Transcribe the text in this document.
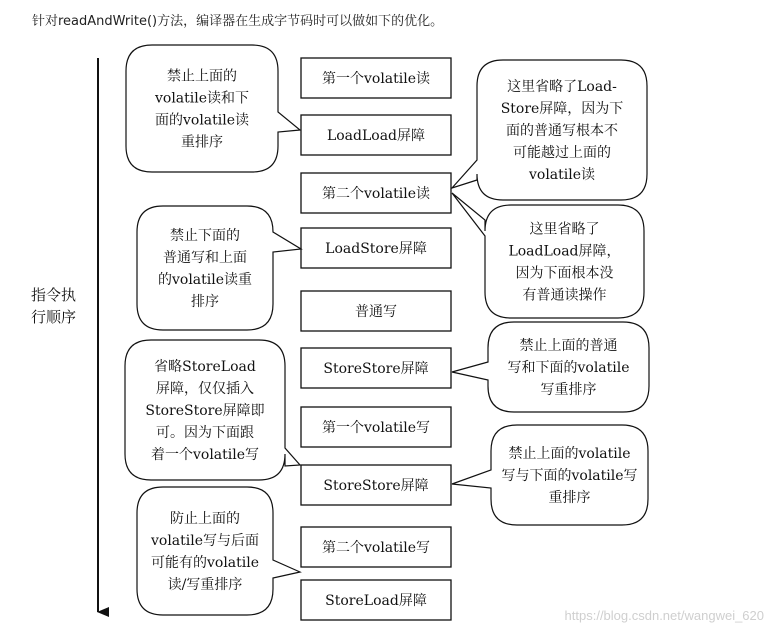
针对readAndWrite()方法，编译器在生成字节码时可以做如下的优化。
指令执
行顺序
第一个volatile读
LoadLoad屏障
第二个volatile读
LoadStore屏障
普通写
StoreStore屏障
第一个volatile写
StoreStore屏障
第二个volatile写
StoreLoad屏障
禁止上面的
volatile读和下
面的volatile读
重排序
禁止下面的
普通写和上面
的volatile读重
排序
省略StoreLoad
屏障，仅仅插入
StoreStore屏障即
可。因为下面跟
着一个volatile写
防止上面的
volatile写与后面
可能有的volatile
读/写重排序
这里省略了Load-
Store屏障，因为下
面的普通写根本不
可能越过上面的
volatile读
这里省略了
LoadLoad屏障，
因为下面根本没
有普通读操作
禁止上面的普通
写和下面的volatile
写重排序
禁止上面的volatile
写与下面的volatile写
重排序
https://blog.csdn.net/wangwei_620
